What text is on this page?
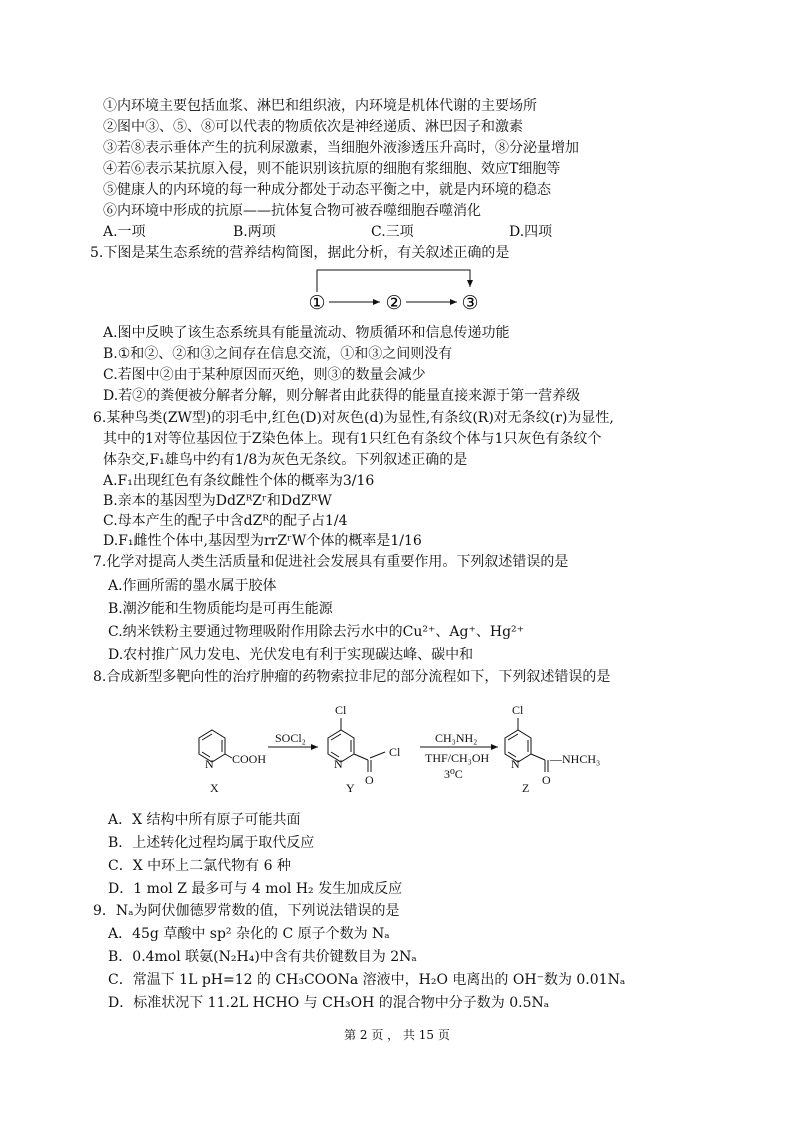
①内环境主要包括血浆、淋巴和组织液，内环境是机体代谢的主要场所
②图中③、⑤、⑧可以代表的物质依次是神经递质、淋巴因子和激素
③若⑧表示垂体产生的抗利尿激素，当细胞外液渗透压升高时，⑧分泌量增加
④若⑥表示某抗原入侵，则不能识别该抗原的细胞有浆细胞、效应T细胞等
⑤健康人的内环境的每一种成分都处于动态平衡之中，就是内环境的稳态
⑥内环境中形成的抗原——抗体复合物可被吞噬细胞吞噬消化
A.一项	B.两项	C.三项	D.四项
5.下图是某生态系统的营养结构简图，据此分析，有关叙述正确的是
①	②	③
A.图中反映了该生态系统具有能量流动、物质循环和信息传递功能
B.①和②、②和③之间存在信息交流，①和③之间则没有
C.若图中②由于某种原因而灭绝，则③的数量会减少
D.若②的粪便被分解者分解，则分解者由此获得的能量直接来源于第一营养级
6.某种鸟类(ZW型)的羽毛中,红色(D)对灰色(d)为显性,有条纹(R)对无条纹(r)为显性,
其中的1对等位基因位于Z染色体上。现有1只红色有条纹个体与1只灰色有条纹个
体杂交,F₁雄鸟中约有1/8为灰色无条纹。下列叙述正确的是
A.F₁出现红色有条纹雌性个体的概率为3/16
B.亲本的基因型为DdZᴿZʳ和DdZᴿW
C.母本产生的配子中含dZᴿ的配子占1/4
D.F₁雌性个体中,基因型为rrZʳW个体的概率是1/16
7.化学对提高人类生活质量和促进社会发展具有重要作用。下列叙述错误的是
A.作画所需的墨水属于胶体
B.潮汐能和生物质能均是可再生能源
C.纳米铁粉主要通过物理吸附作用除去污水中的Cu²⁺、Ag⁺、Hg²⁺
D.农村推广风力发电、光伏发电有利于实现碳达峰、碳中和
8.合成新型多靶向性的治疗肿瘤的药物索拉非尼的部分流程如下，下列叙述错误的是
N COOH
X
SOCl₂
Cl
N
O
Cl
Y
CH₃NH₂
THF/CH₃OH
3⁰C
Cl
N
O
—NHCH₃
Z
A．X 结构中所有原子可能共面
B．上述转化过程均属于取代反应
C．X 中环上二氯代物有 6 种
D．1 mol Z 最多可与 4 mol H₂ 发生加成反应
9．Nₐ为阿伏伽德罗常数的值，下列说法错误的是
A．45g 草酸中 sp² 杂化的 C 原子个数为 Nₐ
B．0.4mol 联氨(N₂H₄)中含有共价键数目为 2Nₐ
C．常温下 1L pH=12 的 CH₃COONa 溶液中，H₂O 电离出的 OH⁻数为 0.01Nₐ
D．标准状况下 11.2L HCHO 与 CH₃OH 的混合物中分子数为 0.5Nₐ
第 2 页 ， 共 15 页
